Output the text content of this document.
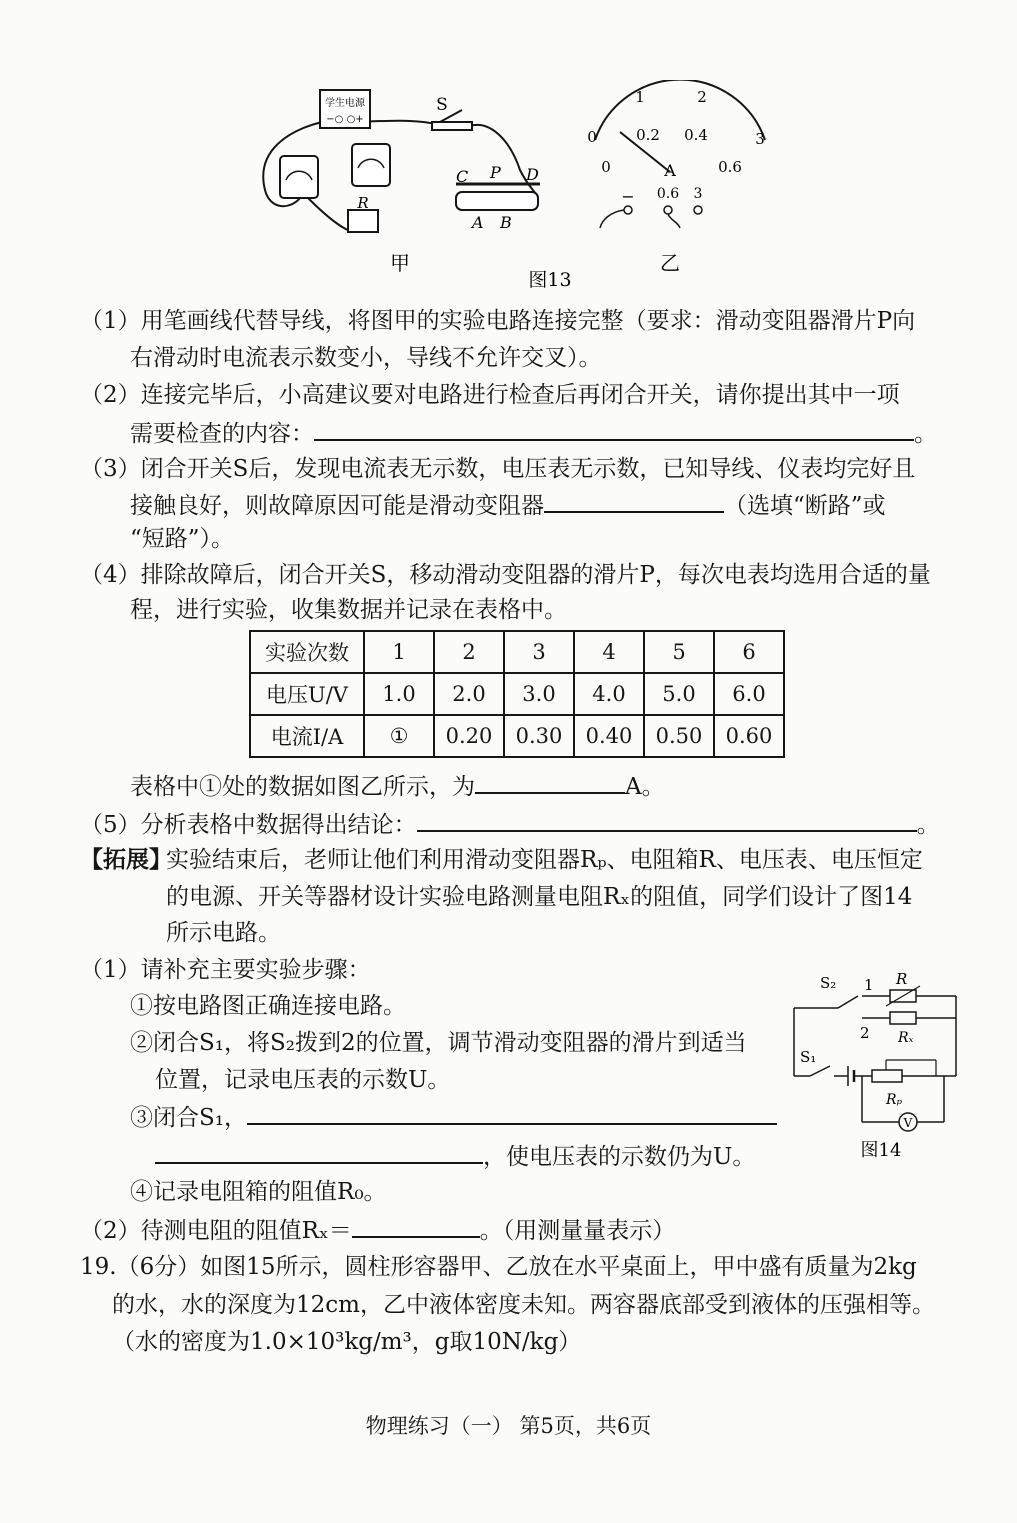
学生电源
−○ ○+
R
S
C P D
A B
甲
1	2
3
0
0
0.2 0.4
0.6
A
− 0.6 3
乙
图13
（1）用笔画线代替导线，将图甲的实验电路连接完整（要求：滑动变阻器滑片P向
右滑动时电流表示数变小，导线不允许交叉）。
（2）连接完毕后，小高建议要对电路进行检查后再闭合开关，请你提出其中一项
需要检查的内容：	。
（3）闭合开关S后，发现电流表无示数，电压表无示数，已知导线、仪表均完好且
接触良好，则故障原因可能是滑动变阻器	（选填“断路”或
“短路”）。
（4）排除故障后，闭合开关S，移动滑动变阻器的滑片P，每次电表均选用合适的量
程，进行实验，收集数据并记录在表格中。
实验次数	1	2	3	4	5	6
电压U/V	1.0	2.0	3.0	4.0	5.0	6.0
电流I/A	①	0.20	0.30	0.40	0.50	0.60
表格中①处的数据如图乙所示，为	A。
（5）分析表格中数据得出结论：	。
【拓展】
实验结束后，老师让他们利用滑动变阻器Rₚ、电阻箱R、电压表、电压恒定
的电源、开关等器材设计实验电路测量电阻Rₓ的阻值，同学们设计了图14
所示电路。
（1）请补充主要实验步骤：
①按电路图正确连接电路。
②闭合S₁，将S₂拨到2的位置，调节滑动变阻器的滑片到适当
位置，记录电压表的示数U。
③闭合S₁，
，使电压表的示数仍为U。
④记录电阻箱的阻值R₀。
S₂ 1 R
2 Rₓ
S₁
Rₚ
V
图14
（2）待测电阻的阻值Rₓ＝	。（用测量量表示）
19.（6分）如图15所示，圆柱形容器甲、乙放在水平桌面上，甲中盛有质量为2kg
的水，水的深度为12cm，乙中液体密度未知。两容器底部受到液体的压强相等。
（水的密度为1.0×10³kg/m³，g取10N/kg）
物理练习（一） 第5页，共6页
